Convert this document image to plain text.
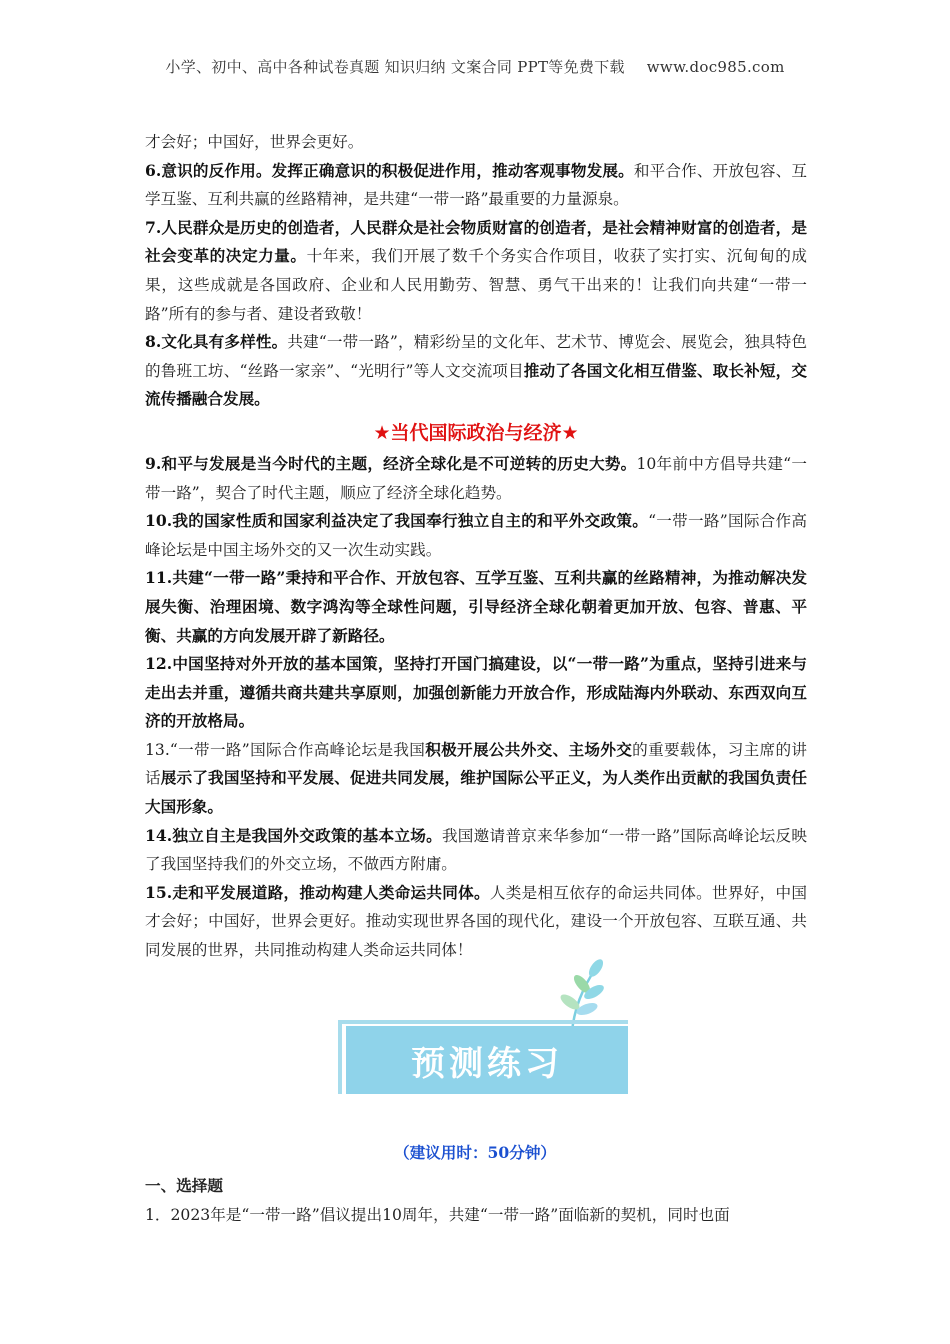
小学、初中、高中各种试卷真题 知识归纳 文案合同 PPT等免费下载 www.doc985.com

才会好；中国好，世界会更好。

6.意识的反作用。发挥正确意识的积极促进作用，推动客观事物发展。和平合作、开放包容、互学互鉴、互利共赢的丝路精神，是共建“一带一路”最重要的力量源泉。

7.人民群众是历史的创造者，人民群众是社会物质财富的创造者，是社会精神财富的创造者，是社会变革的决定力量。十年来，我们开展了数千个务实合作项目，收获了实打实、沉甸甸的成果，这些成就是各国政府、企业和人民用勤劳、智慧、勇气干出来的！让我们向共建“一带一路”所有的参与者、建设者致敬！

8.文化具有多样性。共建“一带一路”，精彩纷呈的文化年、艺术节、博览会、展览会，独具特色的鲁班工坊、“丝路一家亲”、“光明行”等人文交流项目推动了各国文化相互借鉴、取长补短，交流传播融合发展。

★当代国际政治与经济★

9.和平与发展是当今时代的主题，经济全球化是不可逆转的历史大势。10年前中方倡导共建“一带一路”，契合了时代主题，顺应了经济全球化趋势。

10.我的国家性质和国家利益决定了我国奉行独立自主的和平外交政策。“一带一路”国际合作高峰论坛是中国主场外交的又一次生动实践。

11.共建“一带一路”秉持和平合作、开放包容、互学互鉴、互利共赢的丝路精神，为推动解决发展失衡、治理困境、数字鸿沟等全球性问题，引导经济全球化朝着更加开放、包容、普惠、平衡、共赢的方向发展开辟了新路径。

12.中国坚持对外开放的基本国策，坚持打开国门搞建设，以“一带一路”为重点，坚持引进来与走出去并重，遵循共商共建共享原则，加强创新能力开放合作，形成陆海内外联动、东西双向互济的开放格局。

13.“一带一路”国际合作高峰论坛是我国积极开展公共外交、主场外交的重要载体，习主席的讲话展示了我国坚持和平发展、促进共同发展，维护国际公平正义，为人类作出贡献的我国负责任大国形象。

14.独立自主是我国外交政策的基本立场。我国邀请普京来华参加“一带一路”国际高峰论坛反映了我国坚持我们的外交立场，不做西方附庸。

15.走和平发展道路，推动构建人类命运共同体。人类是相互依存的命运共同体。世界好，中国才会好；中国好，世界会更好。推动实现世界各国的现代化，建设一个开放包容、互联互通、共同发展的世界，共同推动构建人类命运共同体！

预测练习
（建议用时：50分钟）

一、选择题

1．2023年是“一带一路”倡议提出10周年，共建“一带一路”面临新的契机，同时也面
